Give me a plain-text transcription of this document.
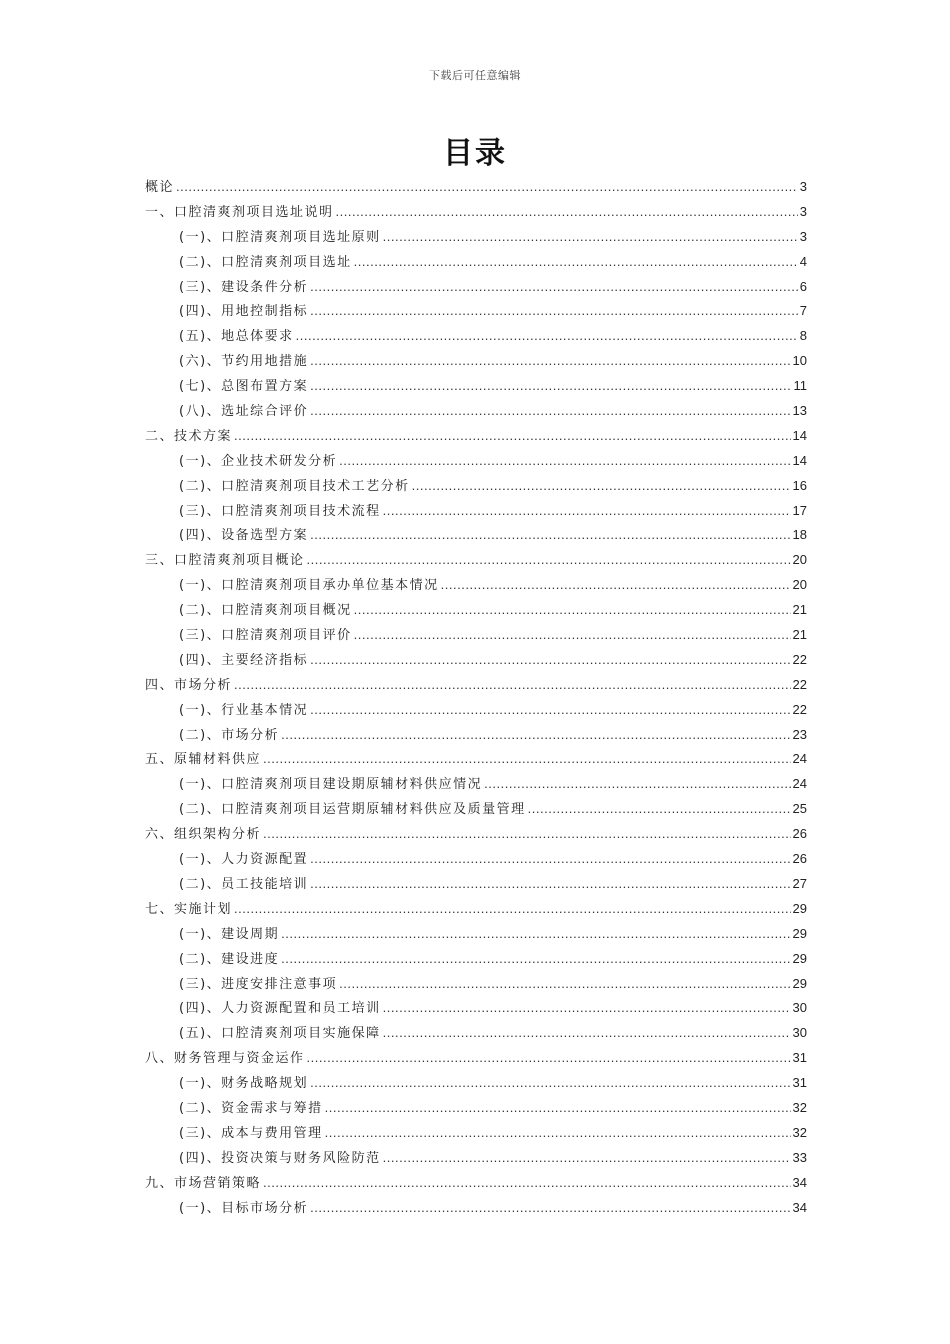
下载后可任意编辑
目录
概论 .....	3
一、口腔清爽剂项目选址说明 .....	3
(一)、口腔清爽剂项目选址原则 .....	3
(二)、口腔清爽剂项目选址 .....	4
(三)、建设条件分析 .....	6
(四)、用地控制指标 .....	7
(五)、地总体要求 .....	8
(六)、节约用地措施 .....	10
(七)、总图布置方案 .....	11
(八)、选址综合评价 .....	13
二、技术方案 .....	14
(一)、企业技术研发分析 .....	14
(二)、口腔清爽剂项目技术工艺分析 .....	16
(三)、口腔清爽剂项目技术流程 .....	17
(四)、设备选型方案 .....	18
三、口腔清爽剂项目概论 .....	20
(一)、口腔清爽剂项目承办单位基本情况 .....	20
(二)、口腔清爽剂项目概况 .....	21
(三)、口腔清爽剂项目评价 .....	21
(四)、主要经济指标 .....	22
四、市场分析 .....	22
(一)、行业基本情况 .....	22
(二)、市场分析 .....	23
五、原辅材料供应 .....	24
(一)、口腔清爽剂项目建设期原辅材料供应情况 .....	24
(二)、口腔清爽剂项目运营期原辅材料供应及质量管理 .....	25
六、组织架构分析 .....	26
(一)、人力资源配置 .....	26
(二)、员工技能培训 .....	27
七、实施计划 .....	29
(一)、建设周期 .....	29
(二)、建设进度 .....	29
(三)、进度安排注意事项 .....	29
(四)、人力资源配置和员工培训 .....	30
(五)、口腔清爽剂项目实施保障 .....	30
八、财务管理与资金运作 .....	31
(一)、财务战略规划 .....	31
(二)、资金需求与筹措 .....	32
(三)、成本与费用管理 .....	32
(四)、投资决策与财务风险防范 .....	33
九、市场营销策略 .....	34
(一)、目标市场分析 .....	34
